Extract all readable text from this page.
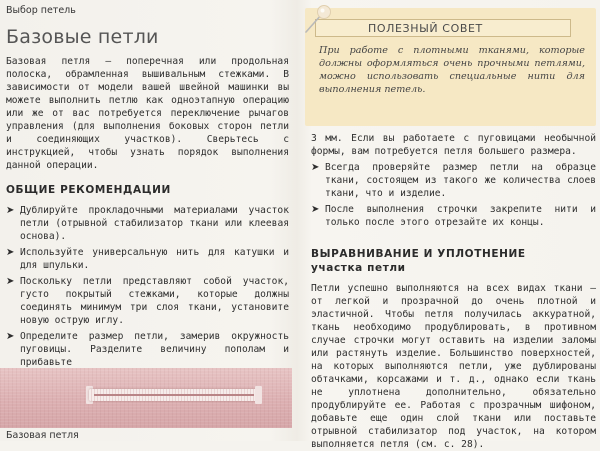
Выбор петель
Базовые петли

Базовая петля — поперечная или продольная полоска, обрамленная вышивальным стежками. В зависимости от модели вашей швейной машинки вы можете выполнить петлю как одноэтапную операцию или же от вас потребуется переключение рычагов управления (для выполнения боковых сторон петли и соединяющих участков). Сверьтесь с инструкцией, чтобы узнать порядок выполнения данной операции.

ОБЩИЕ РЕКОМЕНДАЦИИ
➤ Дублируйте прокладочными материалами участок петли (отрывной стабилизатор ткани или клеевая основа).
➤ Используйте универсальную нить для катушки и для шпульки.
➤ Поскольку петли представляют собой участок, густо покрытый стежками, которые должны соединять минимум три слоя ткани, установите новую острую иглу.
➤ Определите размер петли, замерив окружность пуговицы. Разделите величину пополам и прибавьте
ПОЛЕЗНЫЙ СОВЕТ

При работе с плотными тканями, которые должны оформляться очень прочными петлями, можно использовать специальные нити для выполнения петель.

3 мм. Если вы работаете с пуговицами необычной формы, вам потребуется петля большего размера.

➤ Всегда проверяйте размер петли на образце ткани, состоящем из такого же количества слоев ткани, что и изделие.
➤ После выполнения строчки закрепите нити и только после этого отрезайте их концы.
ВЫРАВНИВАНИЕ И УПЛОТНЕНИЕ
участка петли

Петли успешно выполняются на всех видах ткани — от легкой и прозрачной до очень плотной и эластичной. Чтобы петля получилась аккуратной, ткань необходимо продублировать, в противном случае строчки могут оставить на изделии заломы или растянуть изделие. Большинство поверхностей, на которых выполняются петли, уже дублированы обтачками, корсажами и т. д., однако если ткань не уплотнена дополнительно, обязательно продублируйте ее. Работая с прозрачным шифоном, добавьте еще один слой ткани или поставьте отрывной стабилизатор под участок, на котором выполняется петля (см. с. 28).

Базовая петля
